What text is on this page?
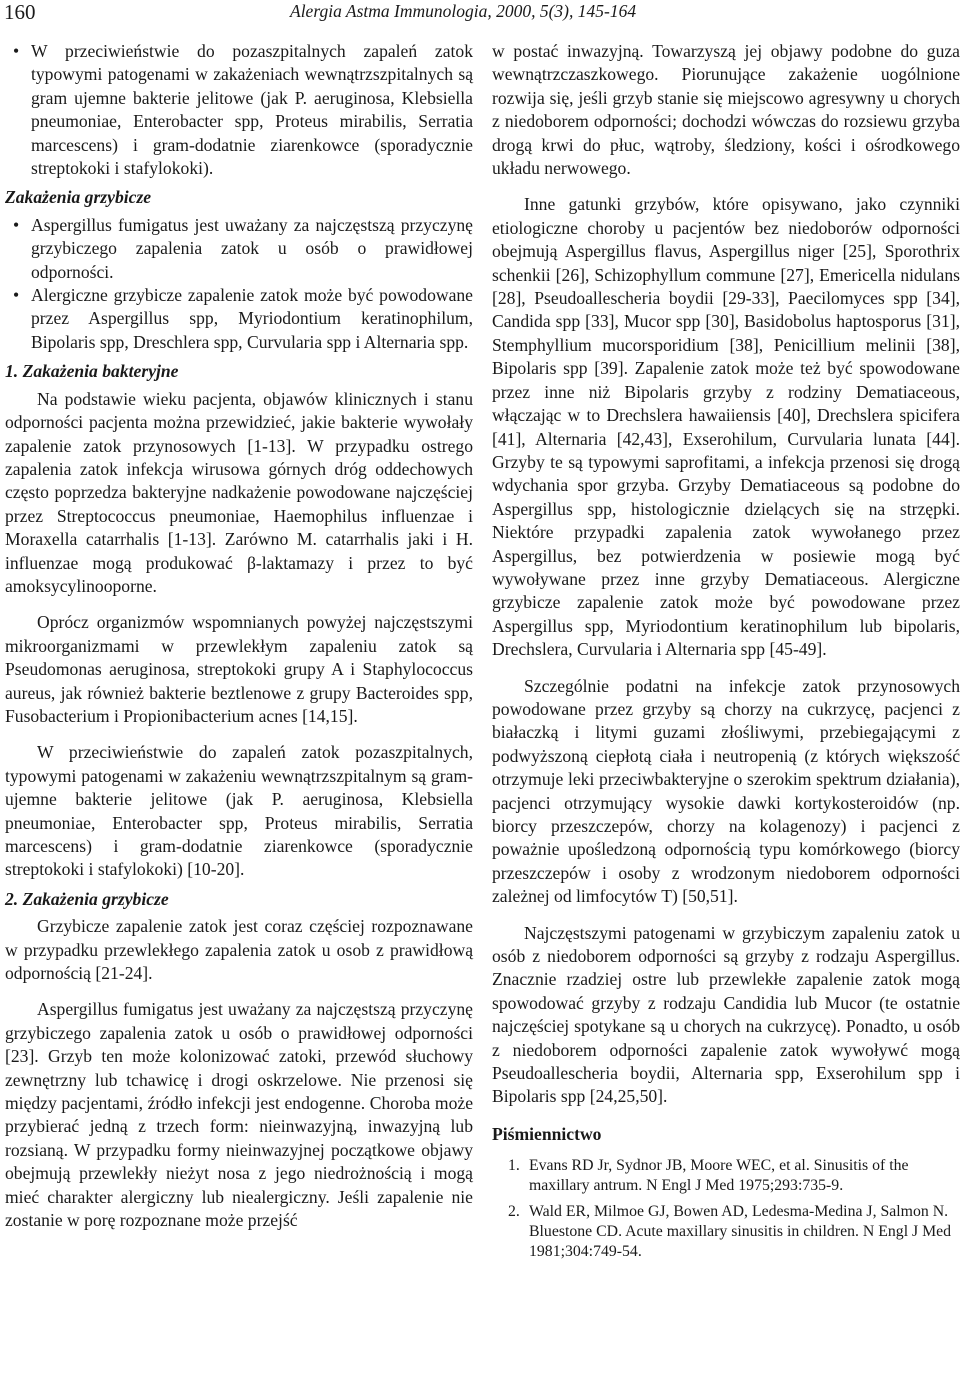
160	Alergia Astma Immunologia, 2000, 5(3), 145-164
• W przeciwieństwie do pozaszpitalnych zapaleń zatok typowymi patogenami w zakażeniach wewnątrzszpitalnych są gram ujemne bakterie jelitowe (jak P. aeruginosa, Klebsiella pneumoniae, Enterobacter spp, Proteus mirabilis, Serratia marcescens) i gram-dodatnie ziarenkowce (sporadycznie streptokoki i stafylokoki).

Zakażenia grzybicze

• Aspergillus fumigatus jest uważany za najczęstszą przyczynę grzybiczego zapalenia zatok u osób o prawidłowej odporności.
• Alergiczne grzybicze zapalenie zatok może być powodowane przez Aspergillus spp, Myriodontium keratinophilum, Bipolaris spp, Dreschlera spp, Curvularia spp i Alternaria spp.

1. Zakażenia bakteryjne

Na podstawie wieku pacjenta, objawów klinicznych i stanu odporności pacjenta można przewidzieć, jakie bakterie wywołały zapalenie zatok przynosowych [1-13]. W przypadku ostrego zapalenia zatok infekcja wirusowa górnych dróg oddechowych często poprzedza bakteryjne nadkażenie powodowane najczęściej przez Streptococcus pneumoniae, Haemophilus influenzae i Moraxella catarrhalis [1-13]. Zarówno M. catarrhalis jaki i H. influenzae mogą produkować β-laktamazy i przez to być amoksycylinooporne.

Oprócz organizmów wspomnianych powyżej najczęstszymi mikroorganizmami w przewlekłym zapaleniu zatok są Pseudomonas aeruginosa, streptokoki grupy A i Staphylococcus aureus, jak również bakterie beztlenowe z grupy Bacteroides spp, Fusobacterium i Propionibacterium acnes [14,15].

W przeciwieństwie do zapaleń zatok pozaszpitalnych, typowymi patogenami w zakażeniu wewnątrzszpitalnym są gram-ujemne bakterie jelitowe (jak P. aeruginosa, Klebsiella pneumoniae, Enterobacter spp, Proteus mirabilis, Serratia marcescens) i gram-dodatnie ziarenkowce (sporadycznie streptokoki i stafylokoki) [10-20].

2. Zakażenia grzybicze

Grzybicze zapalenie zatok jest coraz częściej rozpoznawane w przypadku przewlekłego zapalenia zatok u osob z prawidłową odpornością [21-24].

Aspergillus fumigatus jest uważany za najczęstszą przyczynę grzybiczego zapalenia zatok u osób o prawidłowej odporności [23]. Grzyb ten może kolonizować zatoki, przewód słuchowy zewnętrzny lub tchawicę i drogi oskrzelowe. Nie przenosi się między pacjentami, źródło infekcji jest endogenne. Choroba może przybierać jedną z trzech form: nieinwazyjną, inwazyjną lub rozsianą. W przypadku formy nieinwazyjnej początkowe objawy obejmują przewlekły nieżyt nosa z jego niedrożnością i mogą mieć charakter alergiczny lub niealergiczny. Jeśli zapalenie nie zostanie w porę rozpoznane może przejść

w postać inwazyjną. Towarzyszą jej objawy podobne do guza wewnątrzczaszkowego. Piorunujące zakażenie uogólnione rozwija się, jeśli grzyb stanie się miejscowo agresywny u chorych z niedoborem odporności; dochodzi wówczas do rozsiewu grzyba drogą krwi do płuc, wątroby, śledziony, kości i ośrodkowego układu nerwowego.

Inne gatunki grzybów, które opisywano, jako czynniki etiologiczne choroby u pacjentów bez niedoborów odporności obejmują Aspergillus flavus, Aspergillus niger [25], Sporothrix schenkii [26], Schizophyllum commune [27], Emericella nidulans [28], Pseudoallescheria boydii [29-33], Paecilomyces spp [34], Candida spp [33], Mucor spp [30], Basidobolus haptosporus [31], Stemphyllium mucorsporidium [38], Penicillium melinii [38], Bipolaris spp [39]. Zapalenie zatok może też być spowodowane przez inne niż Bipolaris grzyby z rodziny Dematiaceous, włączając w to Drechslera hawaiiensis [40], Drechslera spicifera [41], Alternaria [42,43], Exserohilum, Curvularia lunata [44]. Grzyby te są typowymi saprofitami, a infekcja przenosi się drogą wdychania spor grzyba. Grzyby Dematiaceous są podobne do Aspergillus spp, histologicznie dzielących się na strzępki. Niektóre przypadki zapalenia zatok wywołanego przez Aspergillus, bez potwierdzenia w posiewie mogą być wywoływane przez inne grzyby Dematiaceous. Alergiczne grzybicze zapalenie zatok może być powodowane przez Aspergillus spp, Myriodontium keratinophilum lub bipolaris, Drechslera, Curvularia i Alternaria spp [45-49].

Szczególnie podatni na infekcje zatok przynosowych powodowane przez grzyby są chorzy na cukrzycę, pacjenci z białaczką i litymi guzami złośliwymi, przebiegającymi z podwyższoną ciepłotą ciała i neutropenią (z których większość otrzymuje leki przeciwbakteryjne o szerokim spektrum działania), pacjenci otrzymujący wysokie dawki kortykosteroidów (np. biorcy przeszczepów, chorzy na kolagenozy) i pacjenci z poważnie upośledzoną odpornością typu komórkowego (biorcy przeszczepów i osoby z wrodzonym niedoborem odporności zależnej od limfocytów T) [50,51].

Najczęstszymi patogenami w grzybiczym zapaleniu zatok u osób z niedoborem odporności są grzyby z rodzaju Aspergillus. Znacznie rzadziej ostre lub przewlekłe zapalenie zatok mogą spowodować grzyby z rodzaju Candidia lub Mucor (te ostatnie najczęściej spotykane są u chorych na cukrzycę). Ponadto, u osób z niedoborem odporności zapalenie zatok wywoływć mogą Pseudoallescheria boydii, Alternaria spp, Exserohilum spp i Bipolaris spp [24,25,50].

Piśmiennictwo

1. Evans RD Jr, Sydnor JB, Moore WEC, et al. Sinusitis of the maxillary antrum. N Engl J Med 1975;293:735-9.
2. Wald ER, Milmoe GJ, Bowen AD, Ledesma-Medina J, Salmon N. Bluestone CD. Acute maxillary sinusitis in children. N Engl J Med 1981;304:749-54.
